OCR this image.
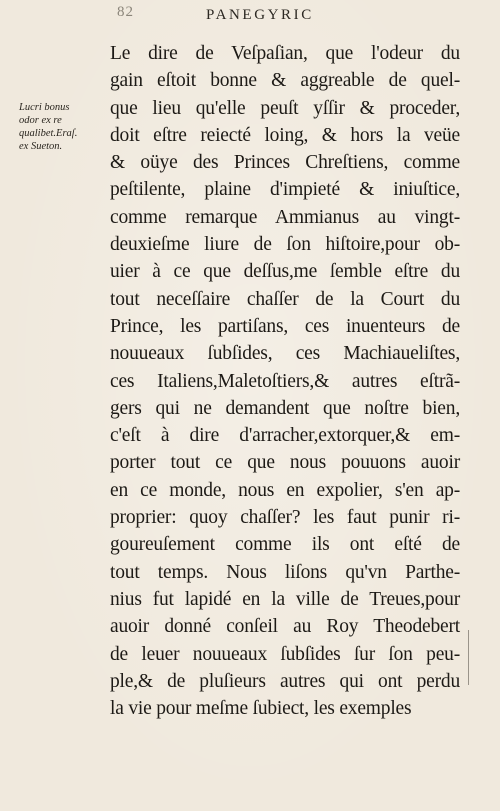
82	PANEGYRIC
Lucri bonus
odor ex re
qualibet.Eraſ.
ex Sueton.
Le dire de Veſpaſian, que l'odeur du
gain eſtoit bonne & aggreable de quel-
que lieu qu'elle peuſt yſſir & proceder,
doit eſtre reiecté loing, & hors la veüe
& oüye des Princes Chreſtiens, comme
peſtilente, plaine d'impieté & iniuſtice,
comme remarque Ammianus au vingt-
deuxieſme liure de ſon hiſtoire,pour ob-
uier à ce que deſſus,me ſemble eſtre du
tout neceſſaire chaſſer de la Court du
Prince, les partiſans, ces inuenteurs de
nouueaux ſubſides, ces Machiaueliſtes,
ces Italiens,Maletoſtiers,& autres eſtrã-
gers qui ne demandent que noſtre bien,
c'eſt à dire d'arracher,extorquer,& em-
porter tout ce que nous pouuons auoir
en ce monde, nous en expolier, s'en ap-
proprier: quoy chaſſer? les faut punir ri-
goureuſement comme ils ont eſté de
tout temps. Nous liſons qu'vn Parthe-
nius fut lapidé en la ville de Treues,pour
auoir donné conſeil au Roy Theodebert
de leuer nouueaux ſubſides ſur ſon peu-
ple,& de pluſieurs autres qui ont perdu
la vie pour meſme ſubiect, les exemples
